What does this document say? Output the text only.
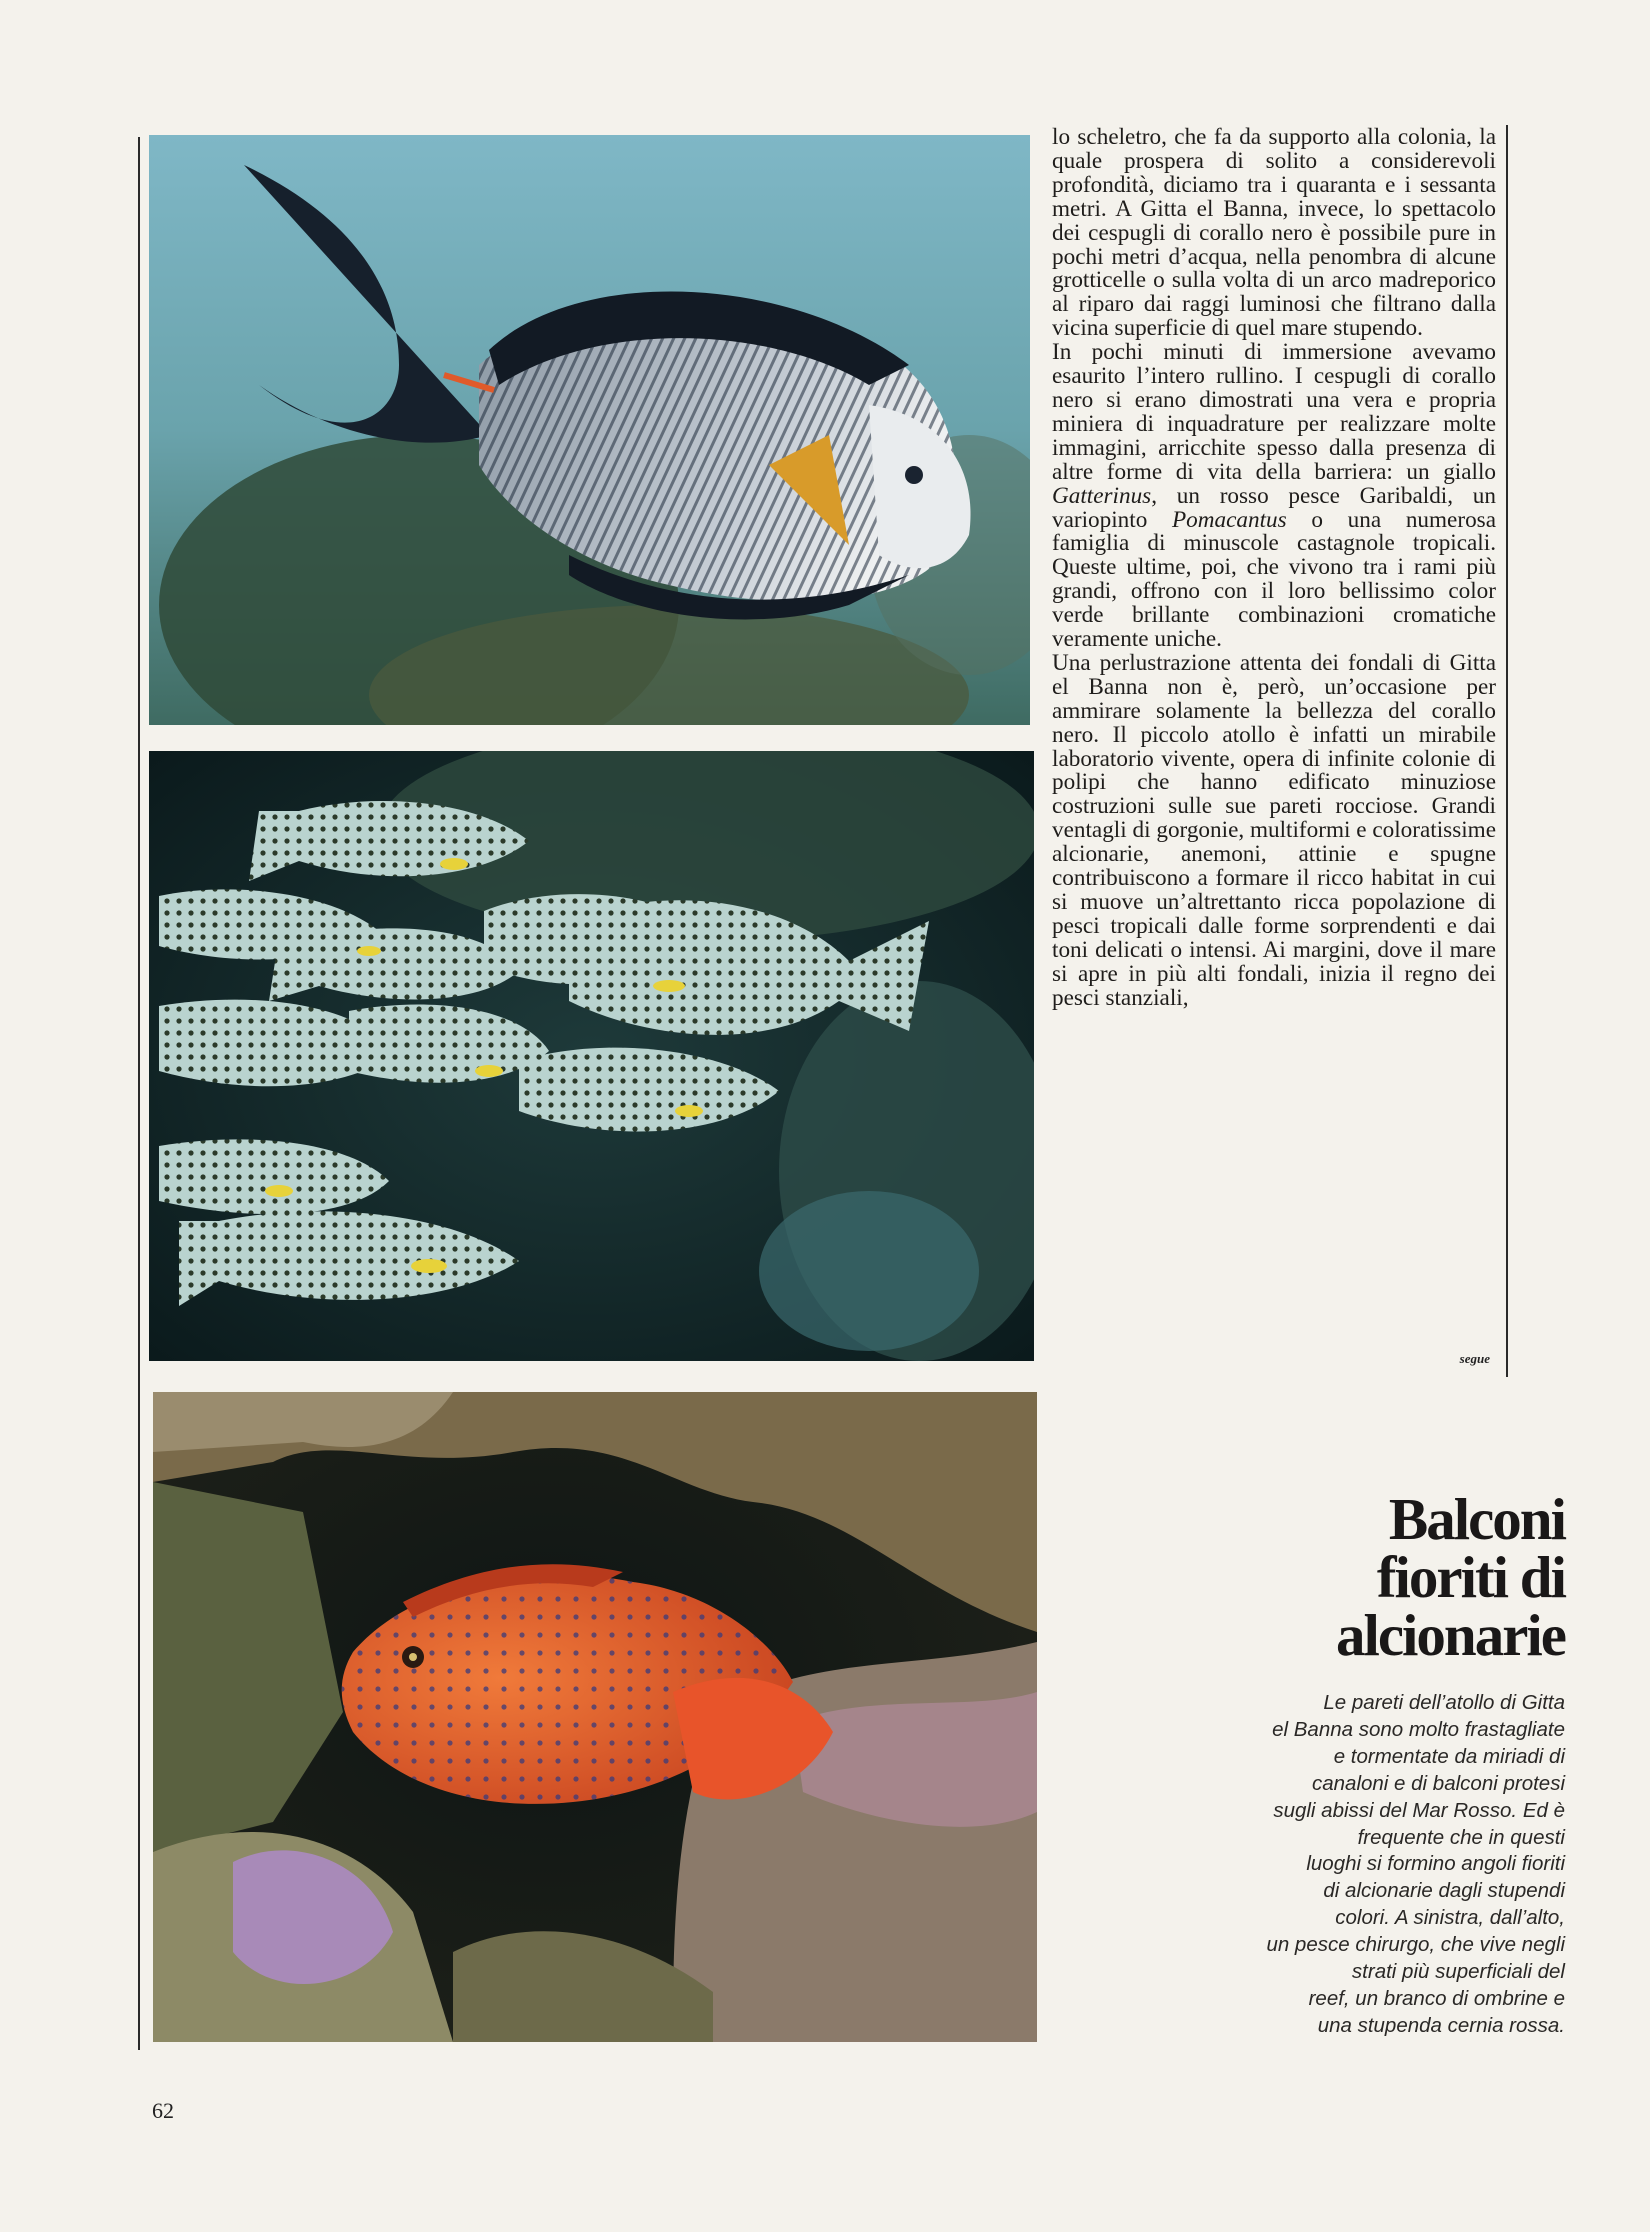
lo scheletro, che fa da supporto alla colonia, la quale prospera di solito a considerevoli profondità, diciamo tra i quaranta e i sessanta metri. A Gitta el Banna, invece, lo spettacolo dei cespugli di corallo nero è possibile pure in pochi metri d’acqua, nella penombra di alcune grotticelle o sulla volta di un arco madreporico al riparo dai raggi luminosi che filtrano dalla vicina superficie di quel mare stupendo.

In pochi minuti di immersione avevamo esaurito l’intero rullino. I cespugli di corallo nero si erano dimostrati una vera e propria miniera di inquadrature per realizzare molte immagini, arricchite spesso dalla presenza di altre forme di vita della barriera: un giallo Gatterinus, un rosso pesce Garibaldi, un variopinto Pomacantus o una numerosa famiglia di minuscole castagnole tropicali. Queste ultime, poi, che vivono tra i rami più grandi, offrono con il loro bellissimo color verde brillante combinazioni cromatiche veramente uniche.

Una perlustrazione attenta dei fondali di Gitta el Banna non è, però, un’occasione per ammirare solamente la bellezza del corallo nero. Il piccolo atollo è infatti un mirabile laboratorio vivente, opera di infinite colonie di polipi che hanno edificato minuziose costruzioni sulle sue pareti rocciose. Grandi ventagli di gorgonie, multiformi e coloratissime alcionarie, anemoni, attinie e spugne contribuiscono a formare il ricco habitat in cui si muove un’altrettanto ricca popolazione di pesci tropicali dalle forme sorprendenti e dai toni delicati o intensi. Ai margini, dove il mare si apre in più alti fondali, inizia il regno dei pesci stanziali,

segue
Balconi
fioriti di
alcionarie
Le pareti dell’atollo di Gitta
el Banna sono molto frastagliate
e tormentate da miriadi di
canaloni e di balconi protesi
sugli abissi del Mar Rosso. Ed è
frequente che in questi
luoghi si formino angoli fioriti
di alcionarie dagli stupendi
colori. A sinistra, dall’alto,
un pesce chirurgo, che vive negli
strati più superficiali del
reef, un branco di ombrine e
una stupenda cernia rossa.
62
